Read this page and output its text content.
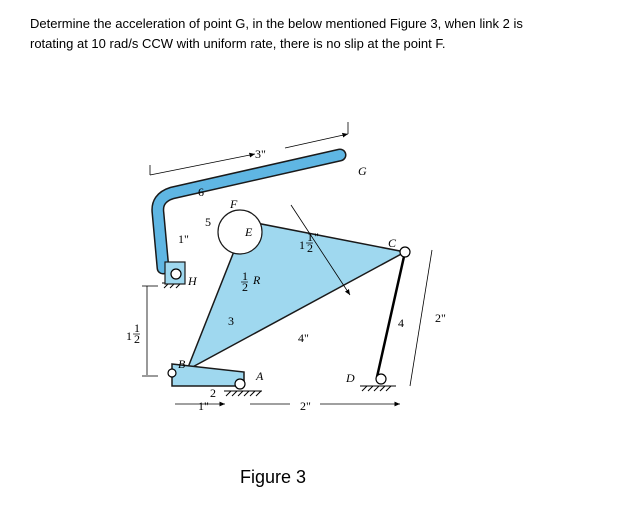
Determine the acceleration of point G, in the below mentioned Figure 3, when link 2 is
rotating at 10 rad/s CCW with uniform rate, there is no slip at the point F.
G
6
3"
F
5
E
1"
H	R
3
C
4	2"
4"
B
A	D
2
1"	2"
1
1
2
1
1
2
"
1
2
Figure 3
